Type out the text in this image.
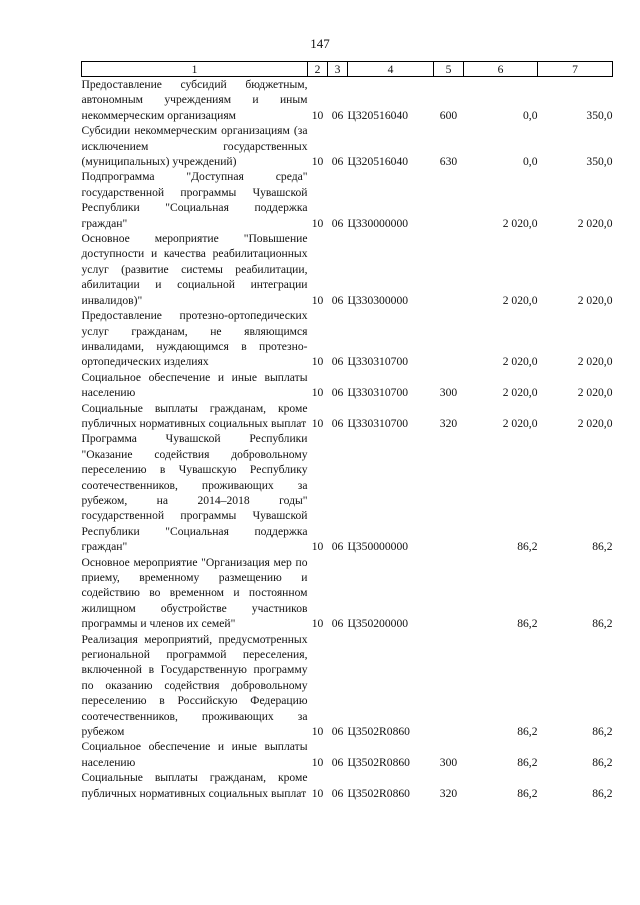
147
1	2	3	4	5	6	7
Предоставление субсидий бюджетным, автономным учреждениям и иным некоммерческим организациям	10	06	Ц320516040	600	0,0	350,0
Субсидии некоммерческим организациям (за исключением государственных (муниципальных) учреждений)	10	06	Ц320516040	630	0,0	350,0
Подпрограмма "Доступная среда" государственной программы Чувашской Республики "Социальная поддержка граждан"	10	06	Ц330000000		2 020,0	2 020,0
Основное мероприятие "Повышение доступности и качества реабилитационных услуг (развитие системы реабилитации, абилитации и социальной интеграции инвалидов)"	10	06	Ц330300000		2 020,0	2 020,0
Предоставление протезно-ортопедических услуг гражданам, не являющимся инвалидами, нуждающимся в протезно-ортопедических изделиях	10	06	Ц330310700		2 020,0	2 020,0
Социальное обеспечение и иные выплаты населению	10	06	Ц330310700	300	2 020,0	2 020,0
Социальные выплаты гражданам, кроме публичных нормативных социальных выплат	10	06	Ц330310700	320	2 020,0	2 020,0
Программа Чувашской Республики "Оказание содействия добровольному переселению в Чувашскую Республику соотечественников, проживающих за рубежом, на 2014–2018 годы" государственной программы Чувашской Республики "Социальная поддержка граждан"	10	06	Ц350000000		86,2	86,2
Основное мероприятие "Организация мер по приему, временному размещению и содействию во временном и постоянном жилищном обустройстве участников программы и членов их семей"	10	06	Ц350200000		86,2	86,2
Реализация мероприятий, предусмотренных региональной программой переселения, включенной в Государственную программу по оказанию содействия добровольному переселению в Российскую Федерацию соотечественников, проживающих за рубежом	10	06	Ц3502R0860		86,2	86,2
Социальное обеспечение и иные выплаты населению	10	06	Ц3502R0860	300	86,2	86,2
Социальные выплаты гражданам, кроме публичных нормативных социальных выплат	10	06	Ц3502R0860	320	86,2	86,2
